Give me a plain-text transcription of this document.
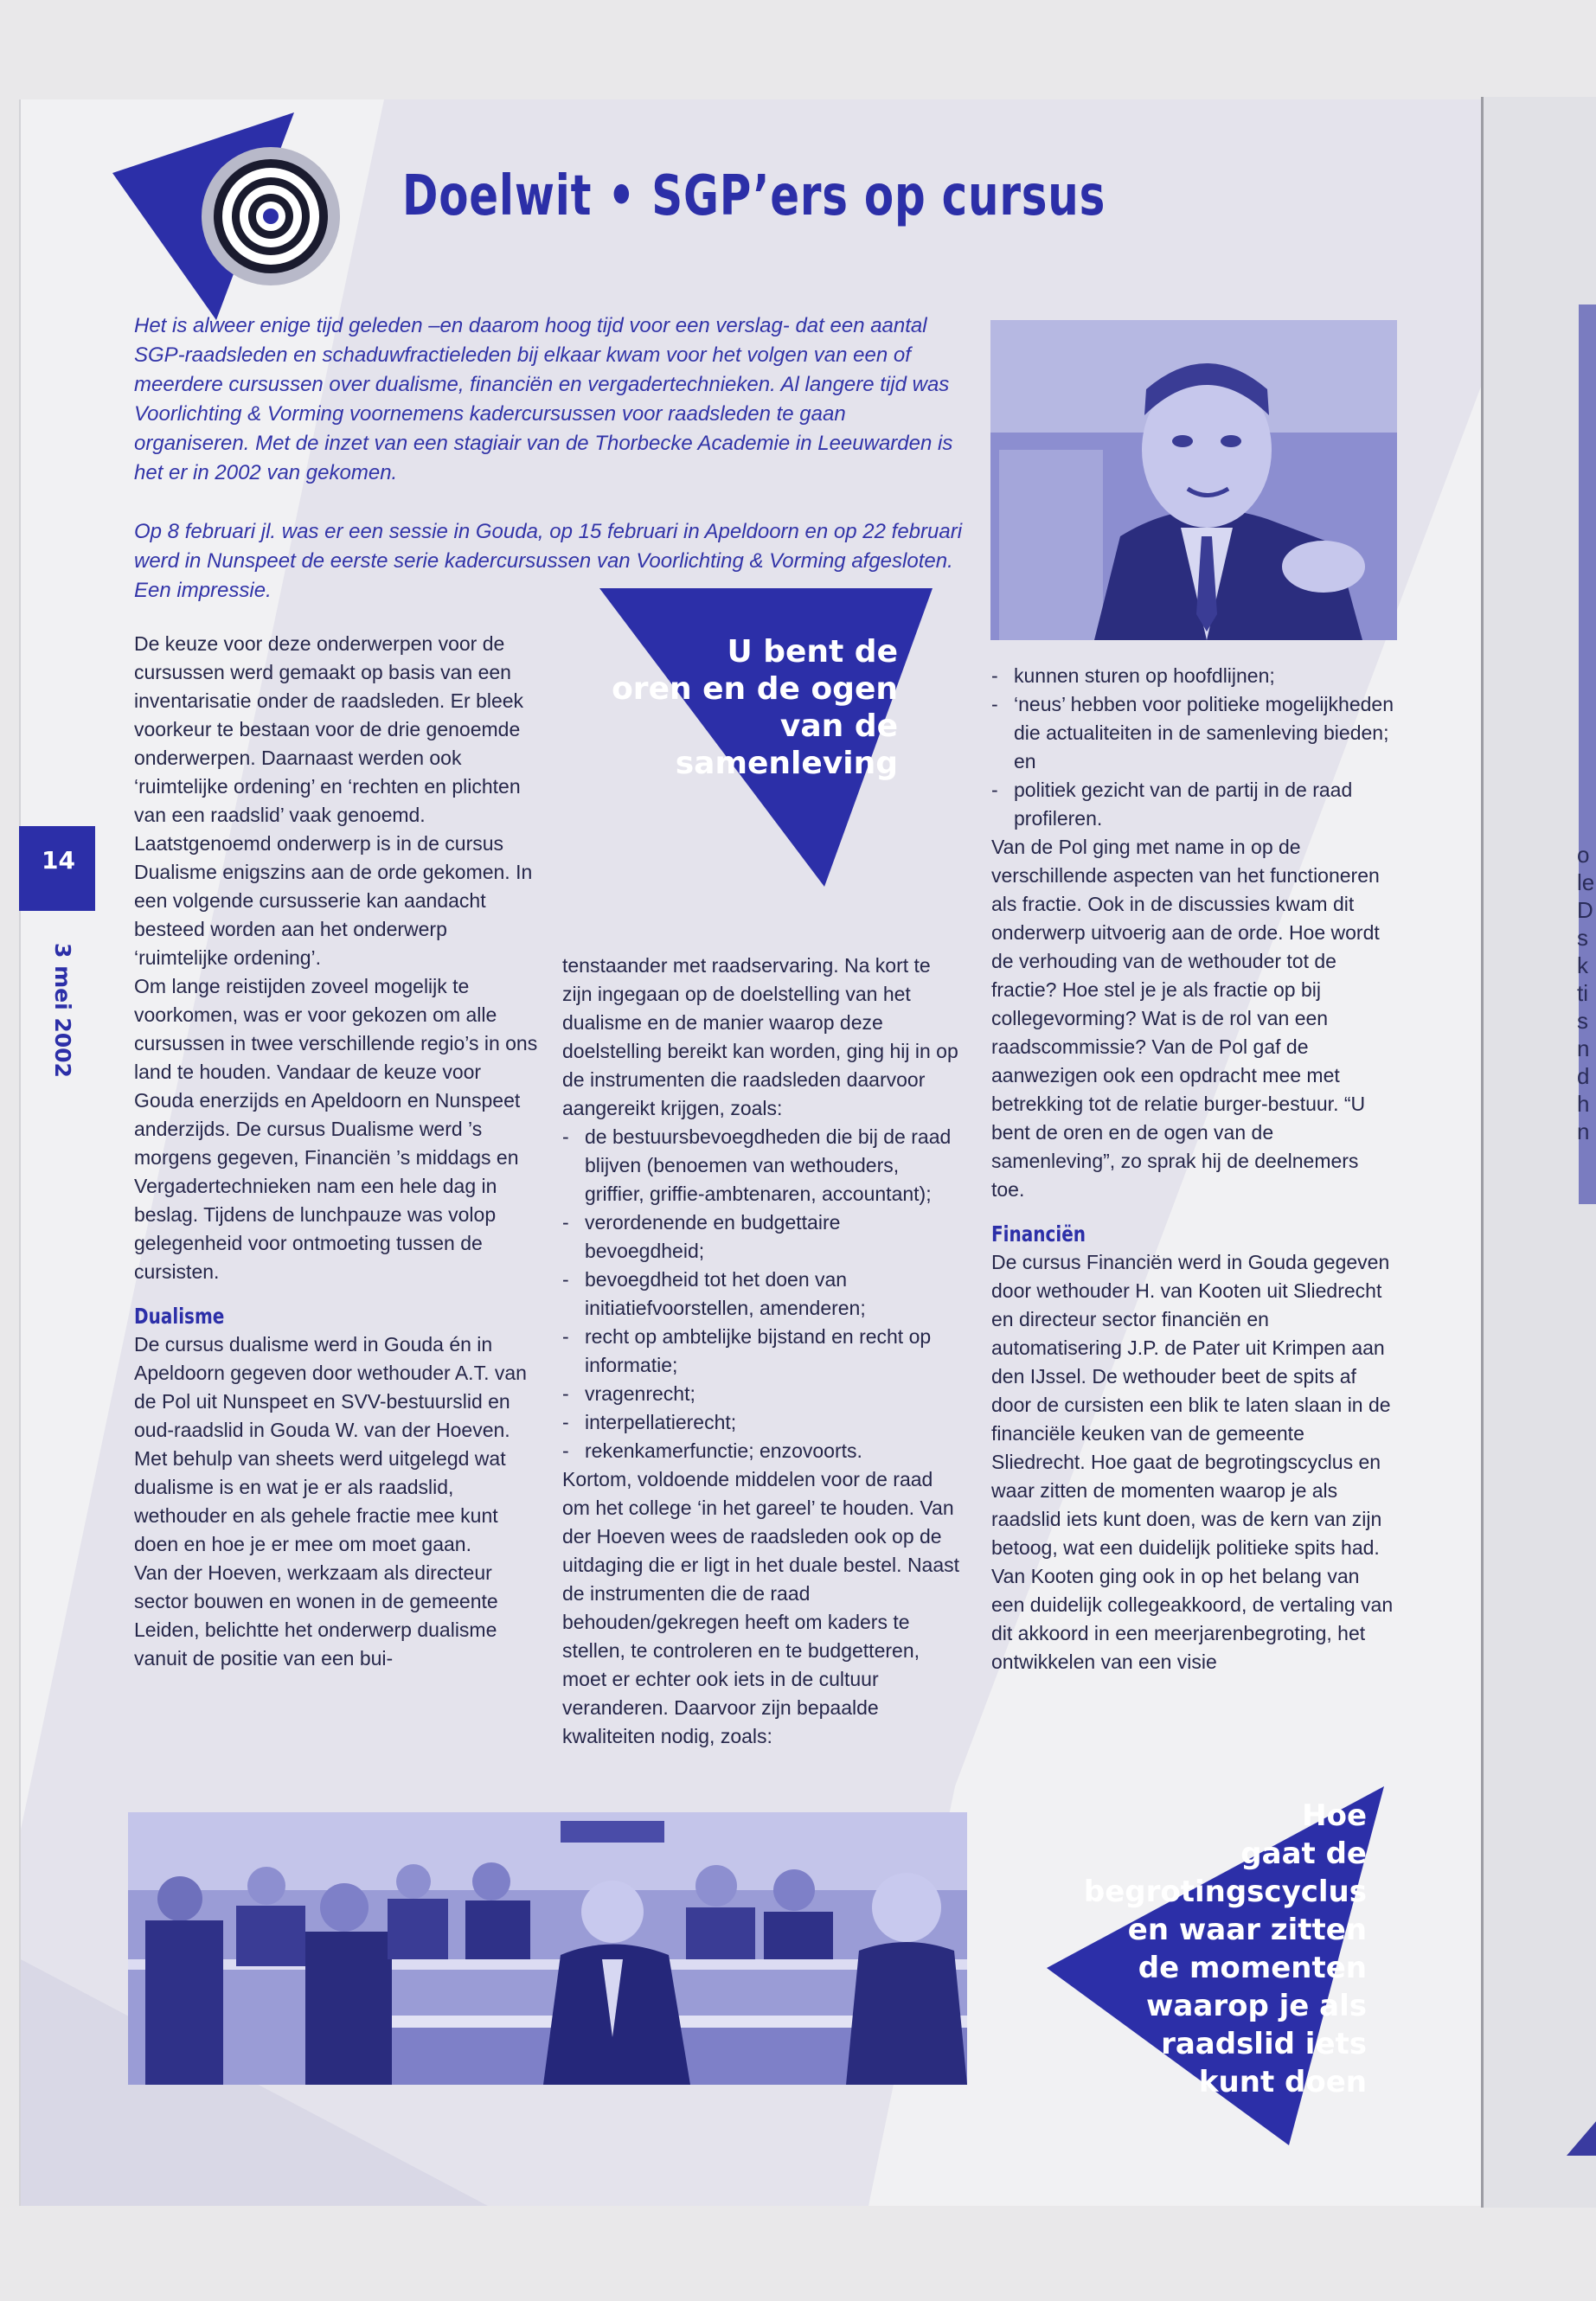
o
le
D
s
k
ti
s
n
d
h
n
Doelwit • SGP’ers op cursus

Het is alweer enige tijd geleden –en daarom hoog tijd voor een verslag- dat een aantal SGP-raadsleden en schaduwfractieleden bij elkaar kwam voor het volgen van een of meerdere cursussen over dualisme, financiën en vergadertechnieken. Al langere tijd was Voorlichting & Vorming voornemens kadercursussen voor raadsleden te gaan organiseren. Met de inzet van een stagiair van de Thorbecke Academie in Leeuwarden is het er in 2002 van gekomen.

Op 8 februari jl. was er een sessie in Gouda, op 15 februari in Apeldoorn en op 22 februari werd in Nunspeet de eerste serie kadercursussen van Voorlichting & Vorming afgesloten. Een impressie.

U bent de
oren en de ogen
van de
samenleving

De keuze voor deze onderwerpen voor de cursussen werd gemaakt op basis van een inventarisatie onder de raadsleden. Er bleek voorkeur te bestaan voor de drie genoemde onderwerpen. Daarnaast werden ook ‘ruimtelijke ordening’ en ‘rechten en plichten van een raadslid’ vaak genoemd. Laatstgenoemd onderwerp is in de cursus Dualisme enigszins aan de orde gekomen. In een volgende cursusserie kan aandacht besteed worden aan het onderwerp ‘ruimtelijke ordening’.

Om lange reistijden zoveel mogelijk te voorkomen, was er voor gekozen om alle cursussen in twee verschillende regio’s in ons land te houden. Vandaar de keuze voor Gouda enerzijds en Apeldoorn en Nunspeet anderzijds. De cursus Dualisme werd ’s morgens gegeven, Financiën ’s middags en Vergadertechnieken nam een hele dag in beslag. Tijdens de lunchpauze was volop gelegenheid voor ontmoeting tussen de cursisten.

Dualisme

De cursus dualisme werd in Gouda én in Apeldoorn gegeven door wethouder A.T. van de Pol uit Nunspeet en SVV-bestuurslid en oud-raadslid in Gouda W. van der Hoeven. Met behulp van sheets werd uitgelegd wat dualisme is en wat je er als raadslid, wethouder en als gehele fractie mee kunt doen en hoe je er mee om moet gaan.

Van der Hoeven, werkzaam als directeur sector bouwen en wonen in de gemeente Leiden, belichtte het onderwerp dualisme vanuit de positie van een bui-

tenstaander met raadservaring. Na kort te zijn ingegaan op de doelstelling van het dualisme en de manier waarop deze doelstelling bereikt kan worden, ging hij in op de instrumenten die raadsleden daarvoor aangereikt krijgen, zoals:

- de bestuursbevoegdheden die bij de raad blijven (benoemen van wethouders, griffier, griffie-ambtenaren, accountant);
- verordenende en budgettaire bevoegdheid;
- bevoegdheid tot het doen van initiatiefvoorstellen, amenderen;
- recht op ambtelijke bijstand en recht op informatie;
- vragenrecht;
- interpellatierecht;
- rekenkamerfunctie; enzovoorts.

Kortom, voldoende middelen voor de raad om het college ‘in het gareel’ te houden. Van der Hoeven wees de raadsleden ook op de uitdaging die er ligt in het duale bestel. Naast de instrumenten die de raad behouden/gekregen heeft om kaders te stellen, te controleren en te budgetteren, moet er echter ook iets in de cultuur veranderen. Daarvoor zijn bepaalde kwaliteiten nodig, zoals:

- kunnen sturen op hoofdlijnen;
- ‘neus’ hebben voor politieke mogelijkheden die actualiteiten in de samenleving bieden; en
- politiek gezicht van de partij in de raad profileren.

Van de Pol ging met name in op de verschillende aspecten van het functioneren als fractie. Ook in de discussies kwam dit onderwerp uitvoerig aan de orde. Hoe wordt de verhouding van de wethouder tot de fractie? Hoe stel je je als fractie op bij collegevorming? Wat is de rol van een raadscommissie? Van de Pol gaf de aanwezigen ook een opdracht mee met betrekking tot de relatie burger-bestuur. “U bent de oren en de ogen van de samenleving”, zo sprak hij de deelnemers toe.

Financiën

De cursus Financiën werd in Gouda gegeven door wethouder H. van Kooten uit Sliedrecht en directeur sector financiën en automatisering J.P. de Pater uit Krimpen aan den IJssel. De wethouder beet de spits af door de cursisten een blik te laten slaan in de financiële keuken van de gemeente Sliedrecht. Hoe gaat de begrotingscyclus en waar zitten de momenten waarop je als raadslid iets kunt doen, was de kern van zijn betoog, wat een duidelijk politieke spits had. Van Kooten ging ook in op het belang van een duidelijk collegeakkoord, de vertaling van dit akkoord in een meerjarenbegroting, het ontwikkelen van een visie

Hoe
gaat de
begrotingscyclus
en waar zitten
de momenten
waarop je als
raadslid iets
kunt doen

14

3 mei 2002
